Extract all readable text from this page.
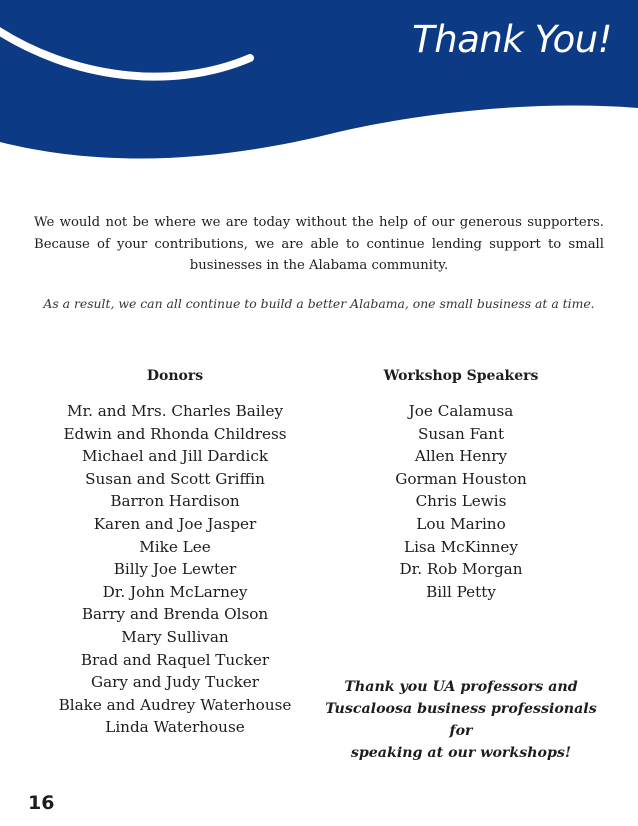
Thank You!

We would not be where we are today without the help of our generous supporters. Because of your contributions, we are able to continue lending support to small businesses in the Alabama community.

As a result, we can all continue to build a better Alabama, one small business at a time.

Donors
Mr. and Mrs. Charles Bailey
Edwin and Rhonda Childress
Michael and Jill Dardick
Susan and Scott Griffin
Barron Hardison
Karen and Joe Jasper
Mike Lee
Billy Joe Lewter
Dr. John McLarney
Barry and Brenda Olson
Mary Sullivan
Brad and Raquel Tucker
Gary and Judy Tucker
Blake and Audrey Waterhouse
Linda Waterhouse
Workshop Speakers
Joe Calamusa
Susan Fant
Allen Henry
Gorman Houston
Chris Lewis
Lou Marino
Lisa McKinney
Dr. Rob Morgan
Bill Petty
Thank you UA professors and
Tuscaloosa business professionals for
speaking at our workshops!
16
